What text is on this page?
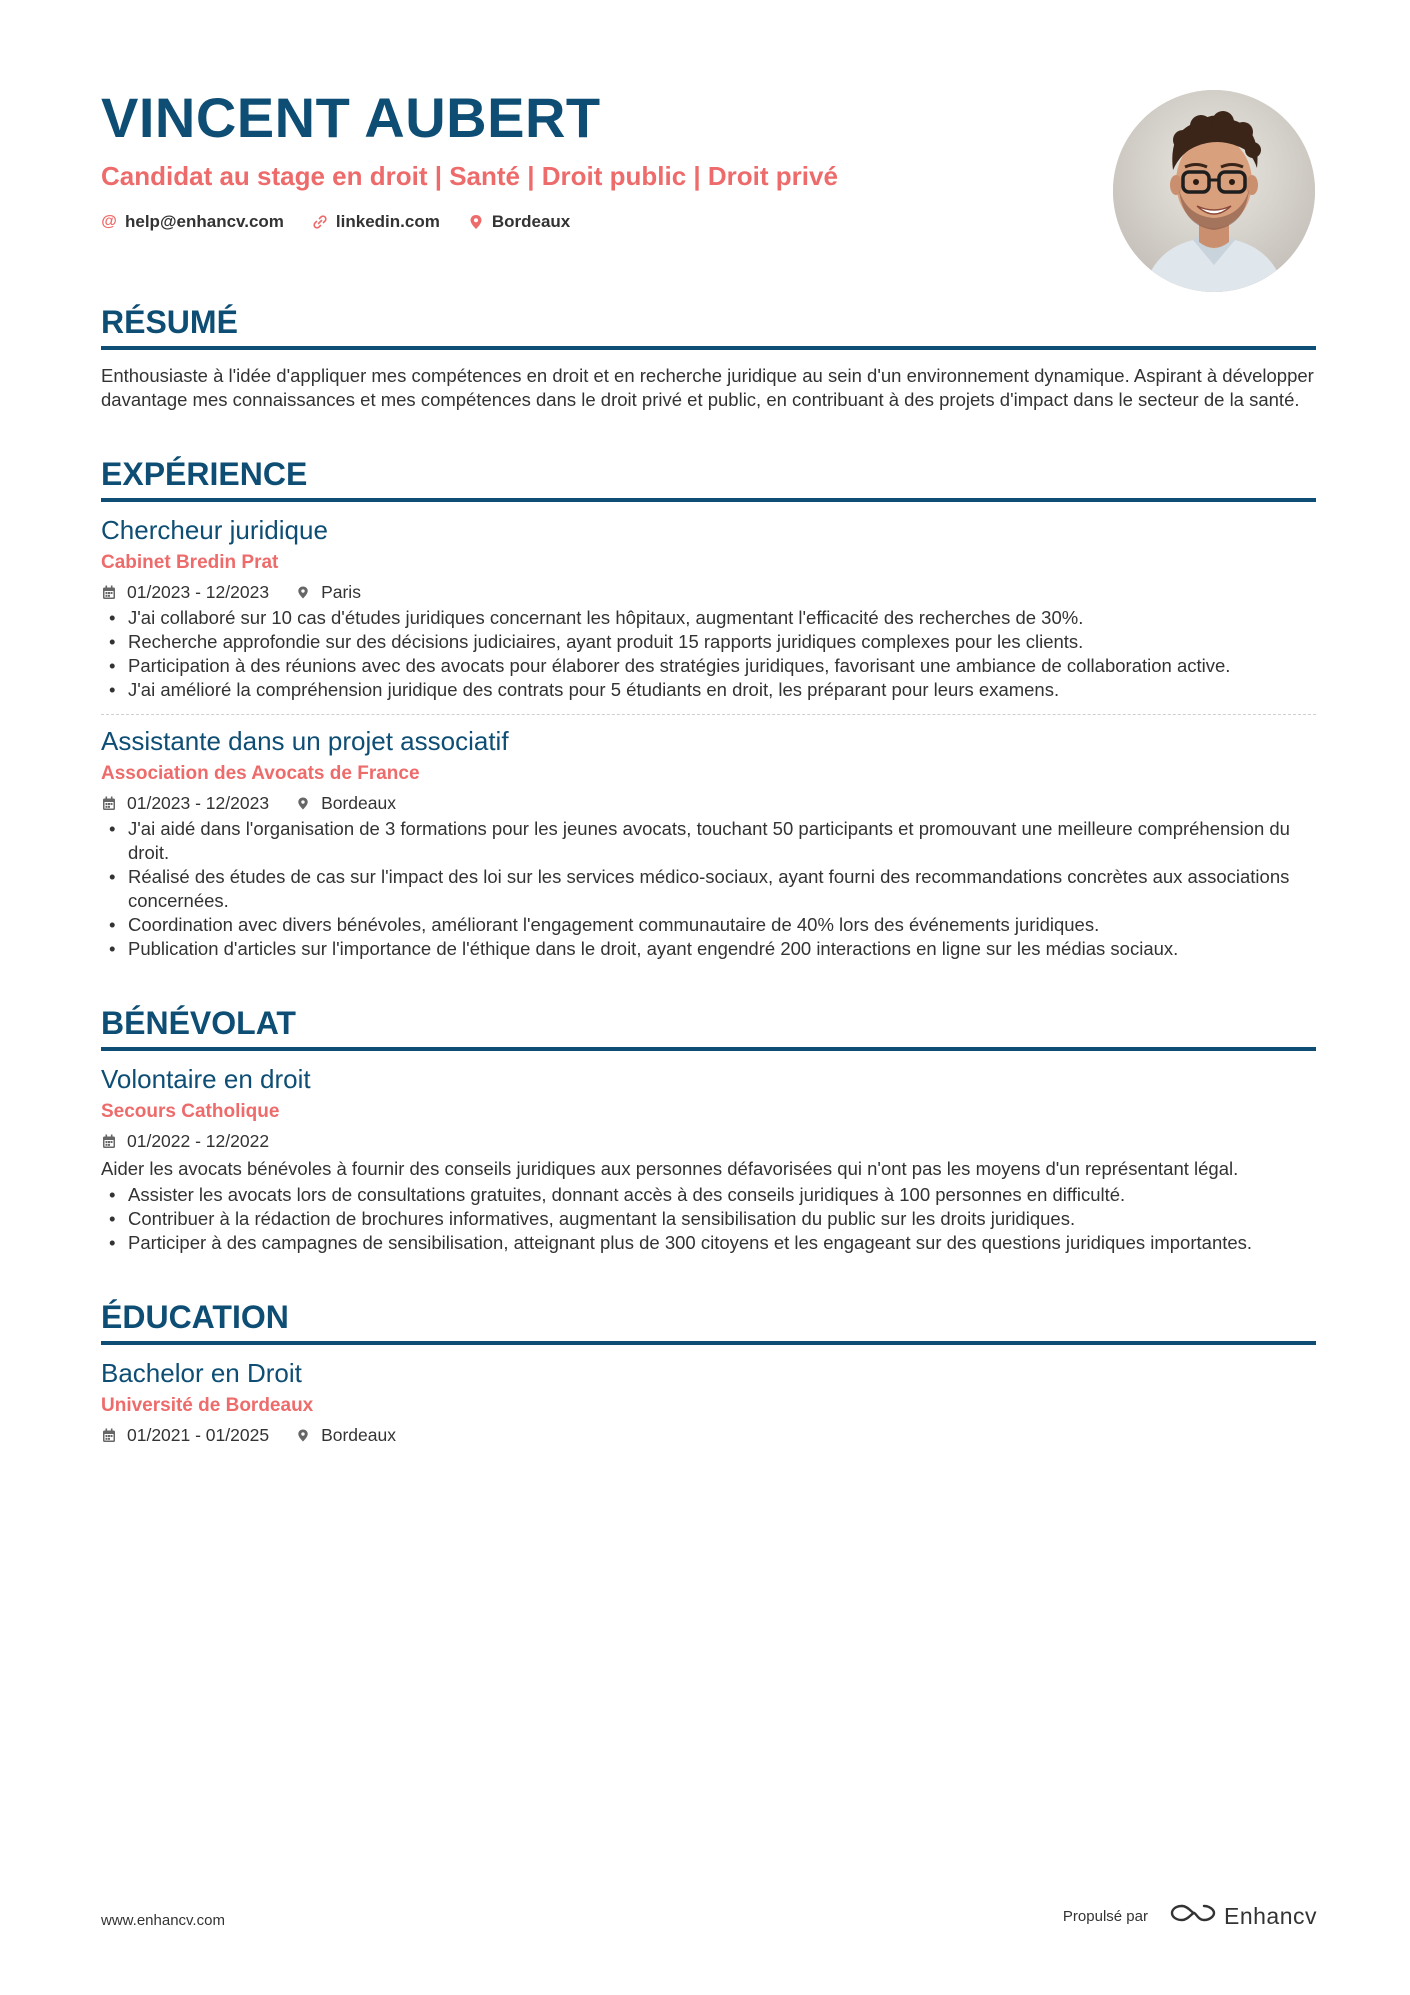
VINCENT AUBERT
Candidat au stage en droit | Santé | Droit public | Droit privé
@ help@enhancv.com	linkedin.com	Bordeaux
RÉSUMÉ
Enthousiaste à l'idée d'appliquer mes compétences en droit et en recherche juridique au sein d'un environnement dynamique. Aspirant à développer davantage mes connaissances et mes compétences dans le droit privé et public, en contribuant à des projets d'impact dans le secteur de la santé.
EXPÉRIENCE
Chercheur juridique
Cabinet Bredin Prat
01/2023 - 12/2023	Paris
• J'ai collaboré sur 10 cas d'études juridiques concernant les hôpitaux, augmentant l'efficacité des recherches de 30%.
• Recherche approfondie sur des décisions judiciaires, ayant produit 15 rapports juridiques complexes pour les clients.
• Participation à des réunions avec des avocats pour élaborer des stratégies juridiques, favorisant une ambiance de collaboration active.
• J'ai amélioré la compréhension juridique des contrats pour 5 étudiants en droit, les préparant pour leurs examens.
Assistante dans un projet associatif
Association des Avocats de France
01/2023 - 12/2023	Bordeaux
• J'ai aidé dans l'organisation de 3 formations pour les jeunes avocats, touchant 50 participants et promouvant une meilleure compréhension du droit.
• Réalisé des études de cas sur l'impact des loi sur les services médico-sociaux, ayant fourni des recommandations concrètes aux associations concernées.
• Coordination avec divers bénévoles, améliorant l'engagement communautaire de 40% lors des événements juridiques.
• Publication d'articles sur l'importance de l'éthique dans le droit, ayant engendré 200 interactions en ligne sur les médias sociaux.
BÉNÉVOLAT
Volontaire en droit
Secours Catholique
01/2022 - 12/2022
Aider les avocats bénévoles à fournir des conseils juridiques aux personnes défavorisées qui n'ont pas les moyens d'un représentant légal.
• Assister les avocats lors de consultations gratuites, donnant accès à des conseils juridiques à 100 personnes en difficulté.
• Contribuer à la rédaction de brochures informatives, augmentant la sensibilisation du public sur les droits juridiques.
• Participer à des campagnes de sensibilisation, atteignant plus de 300 citoyens et les engageant sur des questions juridiques importantes.
ÉDUCATION
Bachelor en Droit
Université de Bordeaux
01/2021 - 01/2025	Bordeaux
www.enhancv.com	Propulsé par	Enhancv
